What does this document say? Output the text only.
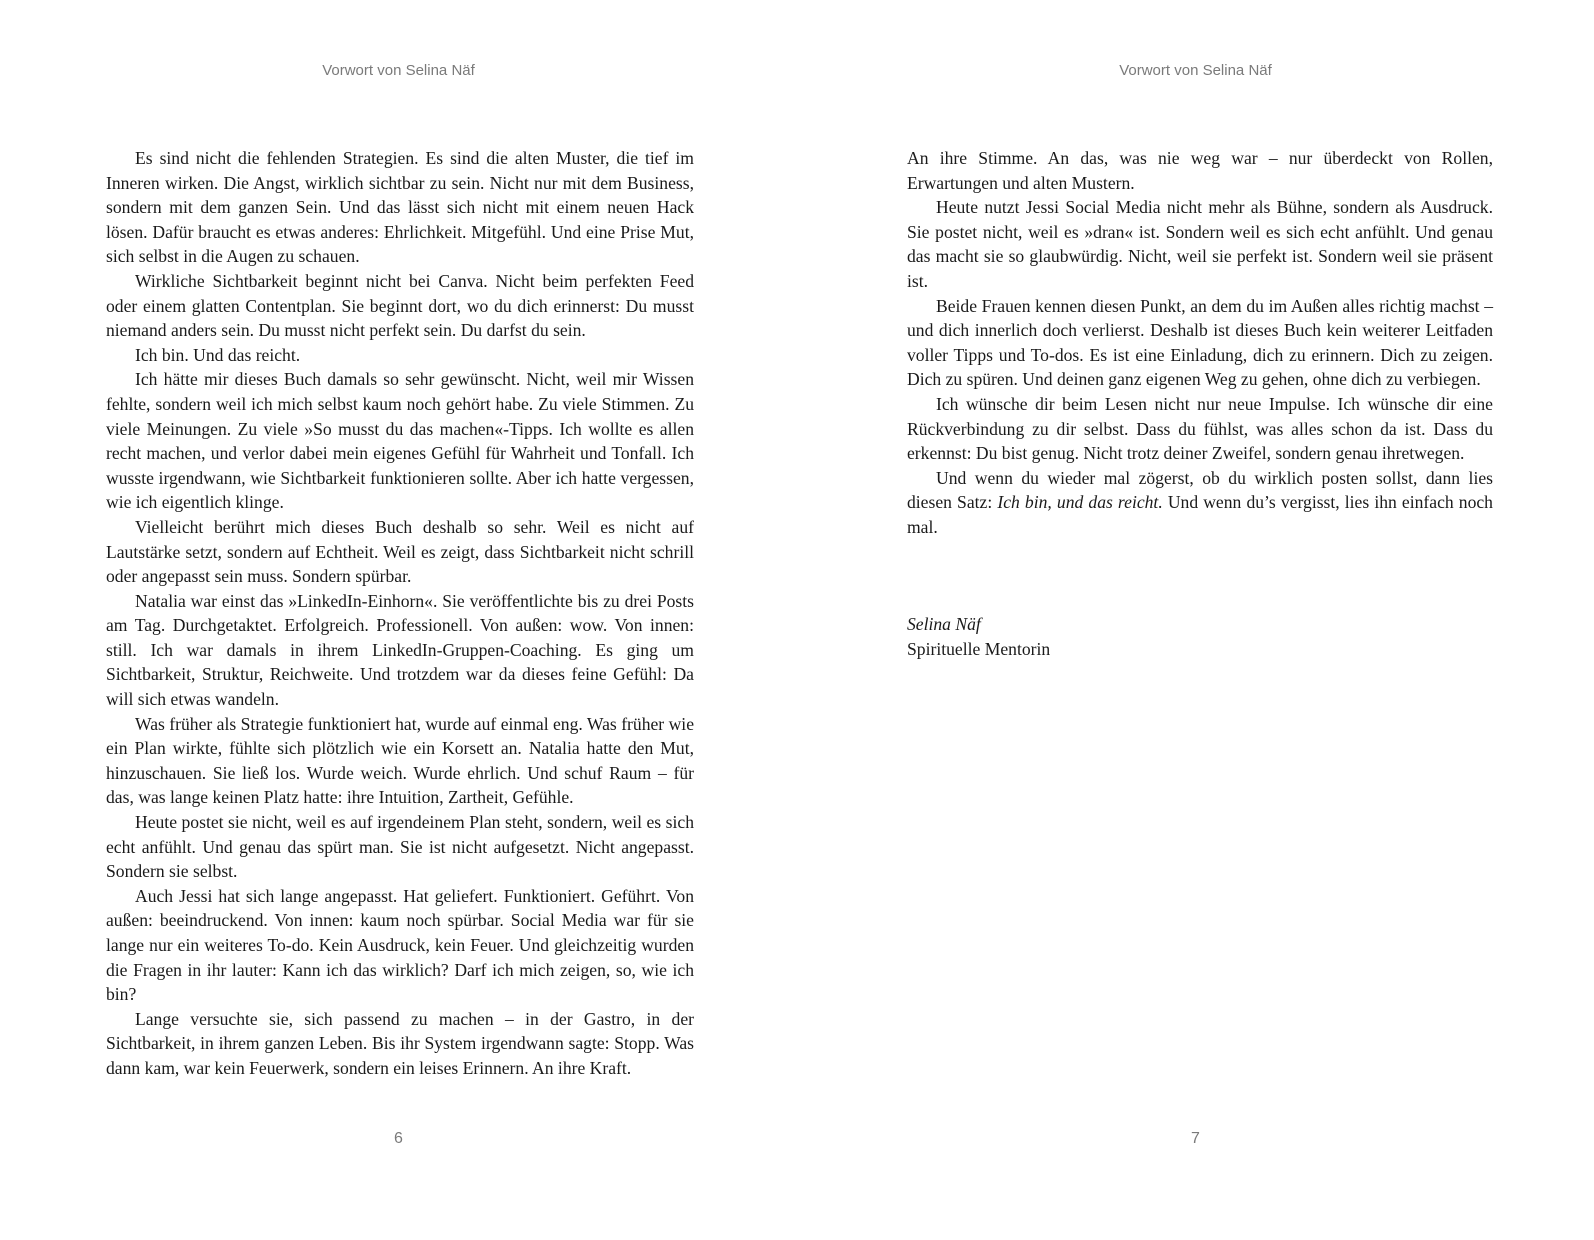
Vorwort von Selina Näf

Es sind nicht die fehlenden Strategien. Es sind die alten Muster, die tief im Inneren wirken. Die Angst, wirklich sichtbar zu sein. Nicht nur mit dem Business, sondern mit dem ganzen Sein. Und das lässt sich nicht mit einem neuen Hack lösen. Dafür braucht es etwas anderes: Ehrlichkeit. Mitgefühl. Und eine Prise Mut, sich selbst in die Augen zu schauen.

Wirkliche Sichtbarkeit beginnt nicht bei Canva. Nicht beim perfekten Feed oder einem glatten Contentplan. Sie beginnt dort, wo du dich erinnerst: Du musst niemand anders sein. Du musst nicht perfekt sein. Du darfst du sein.

Ich bin. Und das reicht.

Ich hätte mir dieses Buch damals so sehr gewünscht. Nicht, weil mir Wissen fehlte, sondern weil ich mich selbst kaum noch gehört habe. Zu viele Stimmen. Zu viele Meinungen. Zu viele »So musst du das machen«-Tipps. Ich wollte es allen recht machen, und verlor dabei mein eigenes Gefühl für Wahrheit und Tonfall. Ich wusste irgendwann, wie Sichtbarkeit funktionieren sollte. Aber ich hatte vergessen, wie ich eigentlich klinge.

Vielleicht berührt mich dieses Buch deshalb so sehr. Weil es nicht auf Lautstärke setzt, sondern auf Echtheit. Weil es zeigt, dass Sichtbarkeit nicht schrill oder angepasst sein muss. Sondern spürbar.

Natalia war einst das »LinkedIn-Einhorn«. Sie veröffentlichte bis zu drei Posts am Tag. Durchgetaktet. Erfolgreich. Professionell. Von außen: wow. Von innen: still. Ich war damals in ihrem LinkedIn-Gruppen-Coaching. Es ging um Sichtbarkeit, Struktur, Reichweite. Und trotzdem war da dieses feine Gefühl: Da will sich etwas wandeln.

Was früher als Strategie funktioniert hat, wurde auf einmal eng. Was früher wie ein Plan wirkte, fühlte sich plötzlich wie ein Korsett an. Natalia hatte den Mut, hinzuschauen. Sie ließ los. Wurde weich. Wurde ehrlich. Und schuf Raum – für das, was lange keinen Platz hatte: ihre Intuition, Zartheit, Gefühle.

Heute postet sie nicht, weil es auf irgendeinem Plan steht, sondern, weil es sich echt anfühlt. Und genau das spürt man. Sie ist nicht aufgesetzt. Nicht angepasst. Sondern sie selbst.

Auch Jessi hat sich lange angepasst. Hat geliefert. Funktioniert. Geführt. Von außen: beeindruckend. Von innen: kaum noch spürbar. Social Media war für sie lange nur ein weiteres To-do. Kein Ausdruck, kein Feuer. Und gleichzeitig wurden die Fragen in ihr lauter: Kann ich das wirklich? Darf ich mich zeigen, so, wie ich bin?

Lange versuchte sie, sich passend zu machen – in der Gastro, in der Sichtbarkeit, in ihrem ganzen Leben. Bis ihr System irgendwann sagte: Stopp. Was dann kam, war kein Feuerwerk, sondern ein leises Erinnern. An ihre Kraft.

6
Vorwort von Selina Näf

An ihre Stimme. An das, was nie weg war – nur überdeckt von Rollen, Erwartungen und alten Mustern.

Heute nutzt Jessi Social Media nicht mehr als Bühne, sondern als Ausdruck. Sie postet nicht, weil es »dran« ist. Sondern weil es sich echt anfühlt. Und genau das macht sie so glaubwürdig. Nicht, weil sie perfekt ist. Sondern weil sie präsent ist.

Beide Frauen kennen diesen Punkt, an dem du im Außen alles richtig machst – und dich innerlich doch verlierst. Deshalb ist dieses Buch kein weiterer Leitfaden voller Tipps und To-dos. Es ist eine Einladung, dich zu erinnern. Dich zu zeigen. Dich zu spüren. Und deinen ganz eigenen Weg zu gehen, ohne dich zu verbiegen.

Ich wünsche dir beim Lesen nicht nur neue Impulse. Ich wünsche dir eine Rückverbindung zu dir selbst. Dass du fühlst, was alles schon da ist. Dass du erkennst: Du bist genug. Nicht trotz deiner Zweifel, sondern genau ihretwegen.

Und wenn du wieder mal zögerst, ob du wirklich posten sollst, dann lies diesen Satz: Ich bin, und das reicht. Und wenn du’s vergisst, lies ihn einfach noch mal.

Selina Näf
Spirituelle Mentorin
7
